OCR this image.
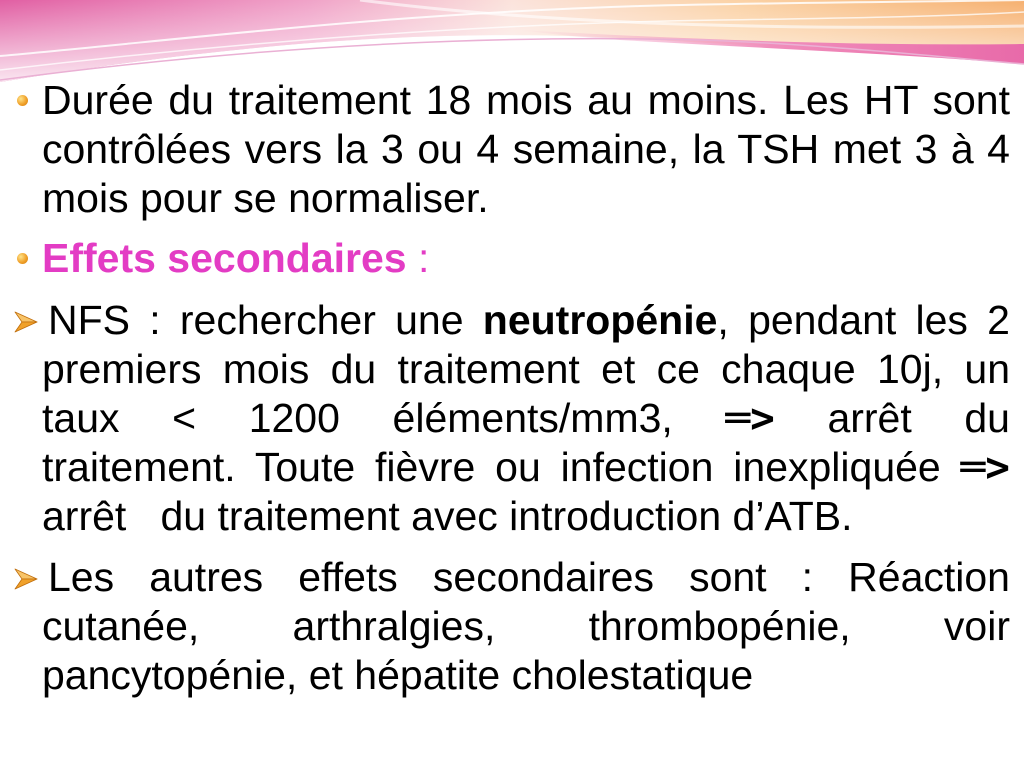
Durée du traitement 18 mois au moins. Les HT sont
contrôlées vers la 3 ou 4 semaine, la TSH met 3 à 4
mois pour se normaliser.
Effets secondaires :
NFS : rechercher une neutropénie, pendant les 2
premiers mois du traitement et ce chaque 10j, un
taux < 1200 éléments/mm3, ═> arrêt du
traitement. Toute fièvre ou infection inexpliquée ═>
arrêt   du traitement avec introduction d’ATB.
Les autres effets secondaires sont : Réaction
cutanée, arthralgies, thrombopénie, voir
pancytopénie, et hépatite cholestatique
